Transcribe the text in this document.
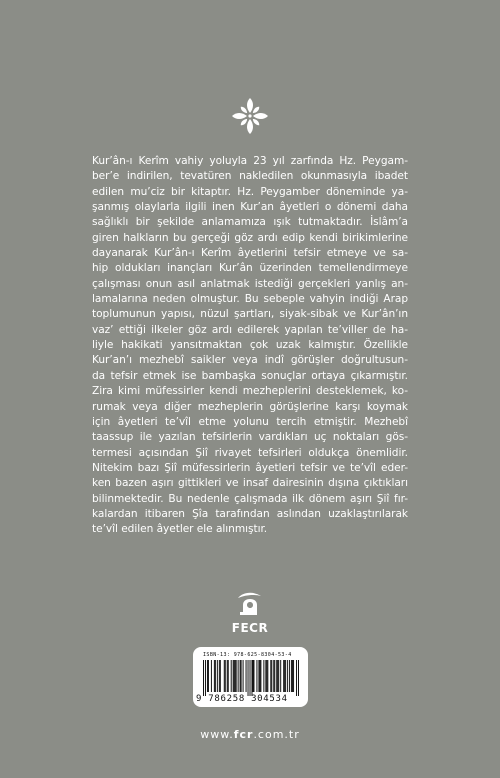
Kur’ân-ı Kerîm vahiy yoluyla 23 yıl zarfında Hz. Peygam-
ber’e indirilen, tevatüren nakledilen okunmasıyla ibadet
edilen mu’ciz bir kitaptır. Hz. Peygamber döneminde ya-
şanmış olaylarla ilgili inen Kur’an âyetleri o dönemi daha
sağlıklı bir şekilde anlamamıza ışık tutmaktadır. İslâm’a
giren halkların bu gerçeği göz ardı edip kendi birikimlerine
dayanarak Kur’ân-ı Kerîm âyetlerini tefsir etmeye ve sa-
hip oldukları inançları Kur’ân üzerinden temellendirmeye
çalışması onun asıl anlatmak istediği gerçekleri yanlış an-
lamalarına neden olmuştur. Bu sebeple vahyin indiği Arap
toplumunun yapısı, nüzul şartları, siyak-sibak ve Kur’ân’ın
vaz’ ettiği ilkeler göz ardı edilerek yapılan te’viller de ha-
liyle hakikati yansıtmaktan çok uzak kalmıştır. Özellikle
Kur’an’ı mezhebî saikler veya indî görüşler doğrultusun-
da tefsir etmek ise bambaşka sonuçlar ortaya çıkarmıştır.
Zira kimi müfessirler kendi mezheplerini desteklemek, ko-
rumak veya diğer mezheplerin görüşlerine karşı koymak
için âyetleri te’vîl etme yolunu tercih etmiştir. Mezhebî
taassup ile yazılan tefsirlerin vardıkları uç noktaları gös-
termesi açısından Şiî rivayet tefsirleri oldukça önemlidir.
Nitekim bazı Şiî müfessirlerin âyetleri tefsir ve te’vîl eder-
ken bazen aşırı gittikleri ve insaf dairesinin dışına çıktıkları
bilinmektedir. Bu nedenle çalışmada ilk dönem aşırı Şiî fır-
kalardan itibaren Şîa tarafından aslından uzaklaştırılarak
te’vîl edilen âyetler ele alınmıştır.
FECR
ISBN-13: 978-625-8304-53-4
9 786258 304534
www.fcr.com.tr
